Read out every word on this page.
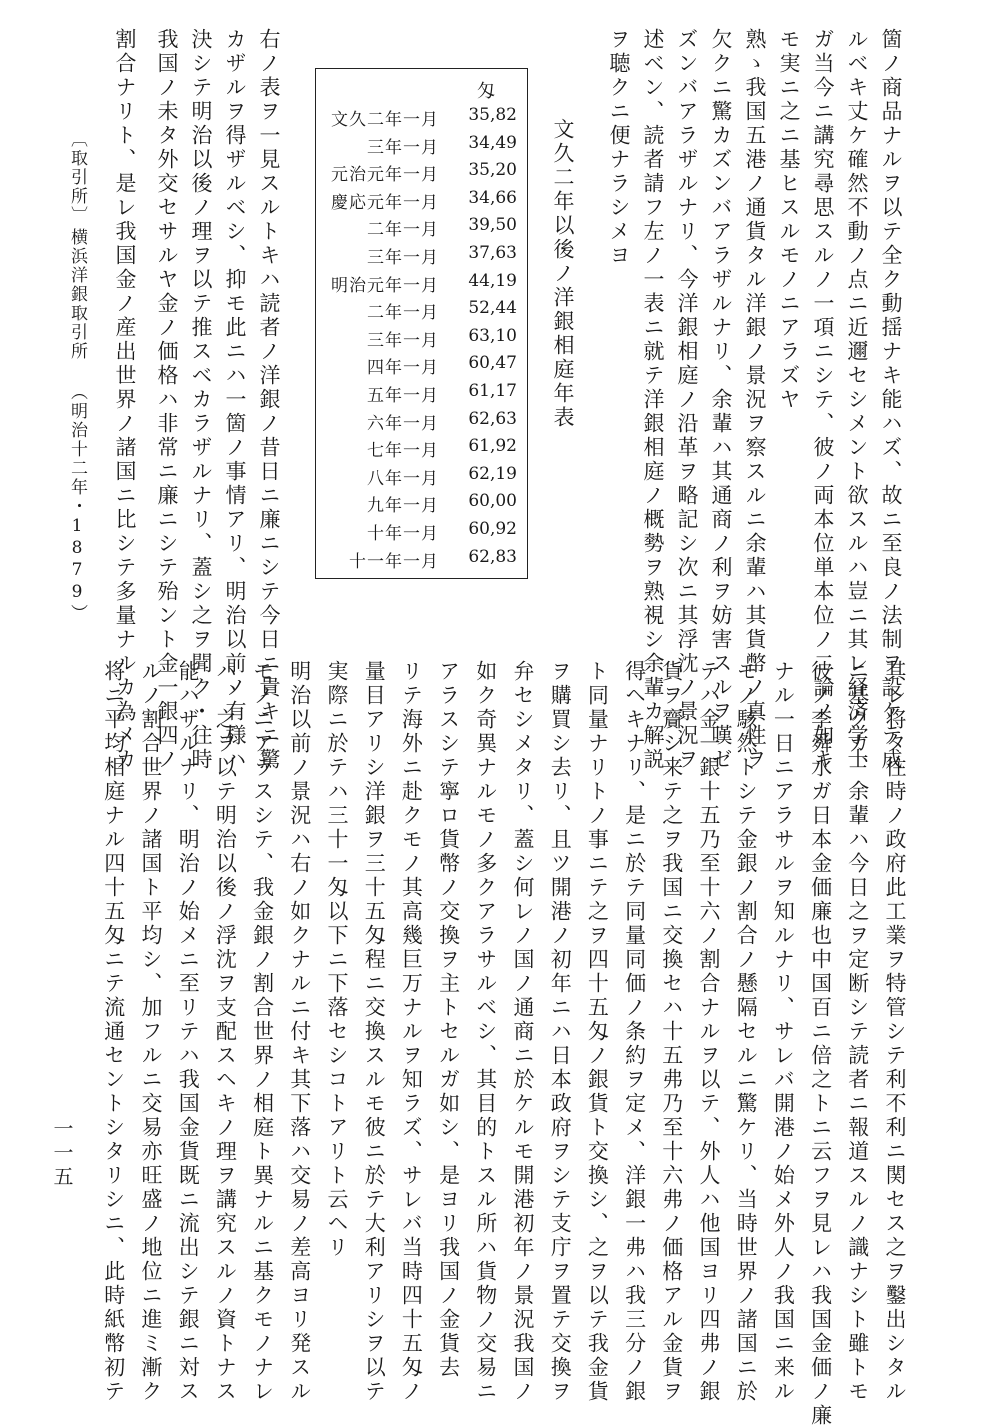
箇ノ商品ナルヲ以テ全ク動揺ナキ能ハズ、故ニ至良ノ法制ヲ設ケテ成
ルベキ丈ケ確然不動ノ点ニ近邇セシメント欲スルハ豈ニ其レ経済学士
ガ当今ニ講究尋思スルノ一項ニシテ、彼ノ両本位単本位ノ二論ノ如キ
モ実ニ之ニ基ヒスルモノニアラズヤ
熟ゝ我国五港ノ通貨タル洋銀ノ景況ヲ察スルニ余輩ハ其貨幣ノ真性ヲ
欠クニ驚カズンバアラザルナリ、余輩ハ其通商ノ利ヲ妨害スルヲ嘆ゼ
ズンバアラザルナリ、今洋銀相庭ノ沿革ヲ略記シ次ニ其浮沈ノ景況ヲ
述ベン、読者請フ左ノ一表ニ就テ洋銀相庭ノ概勢ヲ熟視シ余輩カ解説
ヲ聴クニ便ナラシメヨ
文久二年以後ノ洋銀相庭年表
匁
文久二年一月 35,82
三年一月 34,49
元治元年一月 35,20
慶応元年一月 34,66
二年一月 39,50
三年一月 37,63
明治元年一月 44,19
二年一月 52,44
三年一月 63,10
四年一月 60,47
五年一月 61,17
六年一月 62,63
七年一月 61,92
八年一月 62,19
九年一月 60,00
十年一月 60,92
十一年一月 62,83
右ノ表ヲ一見スルトキハ読者ノ洋銀ノ昔日ニ廉ニシテ今日ニ貴キニ驚
カザルヲ得ザルベシ、抑モ此ニハ一箇ノ事情アリ、明治以前ノ有様ハ
決シテ明治以後ノ理ヲ以テ推スベカラザルナリ、蓋シ之ヲ聞ク・往時
我国ノ未タ外交セサルヤ金ノ価格ハ非常ニ廉ニシテ殆ント金一銀四ノ
割合ナリト、是レ我国金ノ産出世界ノ諸国ニ比シテ多量ナルカ為メカ
〔取引所〕
横浜洋銀取引所 （明治十二年・1879）
其レ将タ往時ノ政府此工業ヲ特管シテ利不利ニ関セス之ヲ鑿出シタル
ニ基クカ、余輩ハ今日之ヲ定断シテ読者ニ報道スルノ識ナシト雖トモ
彼ノ李舜水ガ日本金価廉也中国百ニ倍之トニ云フヲ見レハ我国金価ノ廉
ナル一日ニアラサルヲ知ルナリ、サレバ開港ノ始メ外人ノ我国ニ来ル
モノ駭然トシテ金銀ノ割合ノ懸隔セルニ驚ケリ、当時世界ノ諸国ニ於
テハ金一銀十五乃至十六ノ割合ナルヲ以テ、外人ハ他国ヨリ四弗ノ銀
貨ヲ齎シ来テ之ヲ我国ニ交換セハ十五弗乃至十六弗ノ価格アル金貨ヲ
得ヘキナリ、是ニ於テ同量同価ノ条約ヲ定メ、洋銀一弗ハ我三分ノ銀
ト同量ナリトノ事ニテ之ヲ四十五匁ノ銀貨ト交換シ、之ヲ以テ我金貨
ヲ購買シ去リ、且ツ開港ノ初年ニハ日本政府ヲシテ支庁ヲ置テ交換ヲ
弁セシメタリ、蓋シ何レノ国ノ通商ニ於ケルモ開港初年ノ景況我国ノ
如ク奇異ナルモノ多クアラサルベシ、其目的トスル所ハ貨物ノ交易ニ
アラスシテ寧ロ貨幣ノ交換ヲ主トセルガ如シ、是ヨリ我国ノ金貨去
リテ海外ニ赴クモノ其高幾巨万ナルヲ知ラズ、サレバ当時四十五匁ノ
量目アリシ洋銀ヲ三十五匁程ニ交換スルモ彼ニ於テ大利アリシヲ以テ
実際ニ於テハ三十一匁以下ニ下落セシコトアリト云ヘリ
明治以前ノ景況ハ右ノ如クナルニ付キ其下落ハ交易ノ差高ヨリ発スル
モノニアラスシテ、我金銀ノ割合世界ノ相庭ト異ナルニ基クモノナレ
ハ、之ヲ以テ明治以後ノ浮沈ヲ支配スヘキノ理ヲ講究スルノ資トナス
能ハザルナリ、明治ノ始メニ至リテハ我国金貨既ニ流出シテ銀ニ対ス
ルノ割合世界ノ諸国ト平均シ、加フルニ交易亦旺盛ノ地位ニ進ミ漸ク
将ニ平均相庭ナル四十五匁ニテ流通セントシタリシニ、此時紙幣初テ
一一五
